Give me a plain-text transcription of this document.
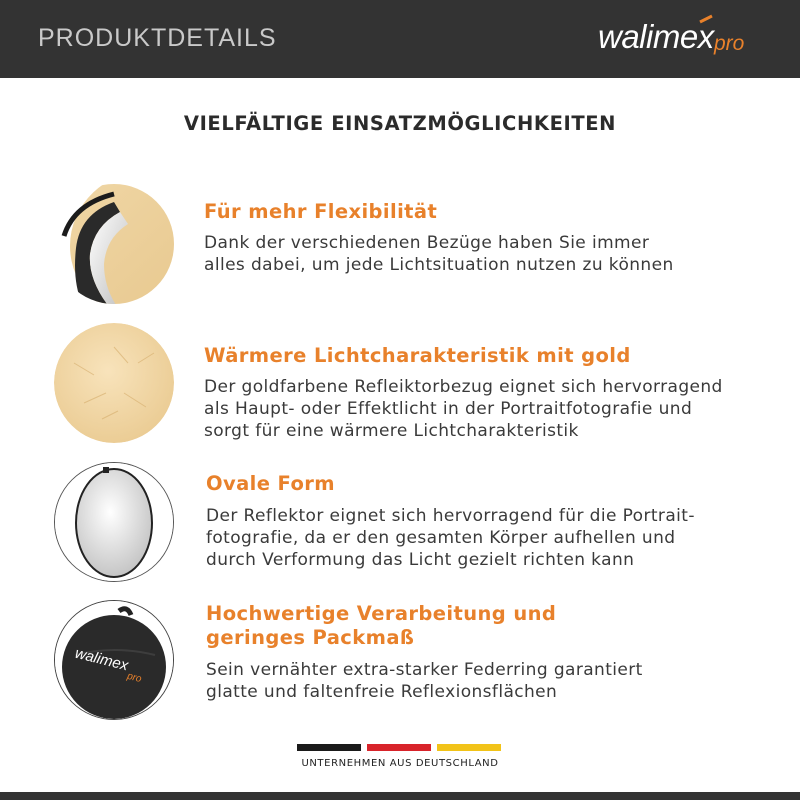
PRODUKTDETAILS	walimex pro
VIELFÄLTIGE EINSATZMÖGLICHKEITEN
Für mehr Flexibilität
Dank der verschiedenen Bezüge haben Sie immer
alles dabei, um jede Lichtsituation nutzen zu können
Wärmere Lichtcharakteristik mit gold
Der goldfarbene Refleiktorbezug eignet sich hervorragend
als Haupt- oder Effektlicht in der Portraitfotografie und
sorgt für eine wärmere Lichtcharakteristik
Ovale Form
Der Reflektor eignet sich hervorragend für die Portrait-
fotografie, da er den gesamten Körper aufhellen und
durch Verformung das Licht gezielt richten kann
walimex
pro
Hochwertige Verarbeitung und
geringes Packmaß
Sein vernähter extra-starker Federring garantiert
glatte und faltenfreie Reflexionsflächen
UNTERNEHMEN AUS DEUTSCHLAND
